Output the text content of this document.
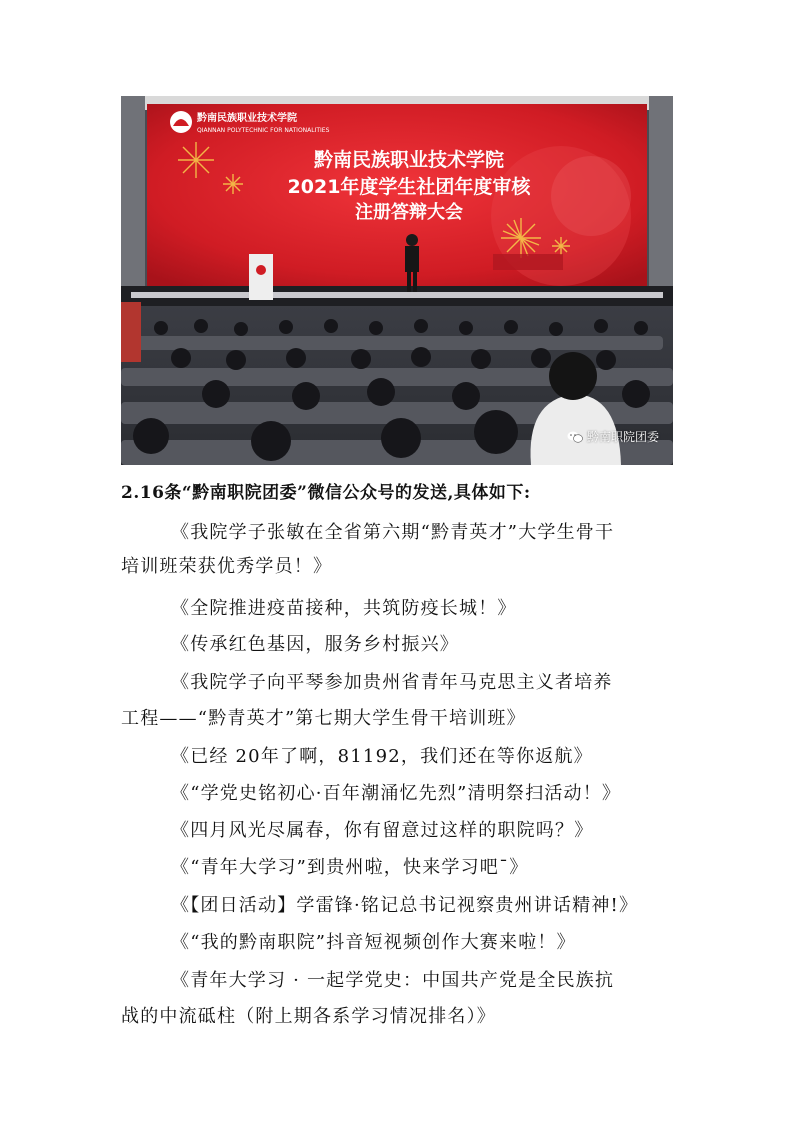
黔南民族职业技术学院
QIANNAN POLYTECHNIC FOR NATIONALITIES
黔南民族职业技术学院
2021年度学生社团年度审核
注册答辩大会
黔南职院团委
2.16条“黔南职院团委”微信公众号的发送,具体如下:
《我院学子张敏在全省第六期“黔青英才”大学生骨干
培训班荣获优秀学员！》
《全院推进疫苗接种，共筑防疫长城！》
《传承红色基因，服务乡村振兴》
《我院学子向平琴参加贵州省青年马克思主义者培养
工程——“黔青英才”第七期大学生骨干培训班》
《已经 20年了啊，81192，我们还在等你返航》
《“学党史铭初心·百年潮涌忆先烈”清明祭扫活动！》
《四月风光尽属春，你有留意过这样的职院吗？》
《“青年大学习”到贵州啦，快来学习吧¯》
《【团日活动】学雷锋·铭记总书记视察贵州讲话精神!》
《“我的黔南职院”抖音短视频创作大赛来啦！》
《青年大学习 · 一起学党史：中国共产党是全民族抗
战的中流砥柱（附上期各系学习情况排名）》
